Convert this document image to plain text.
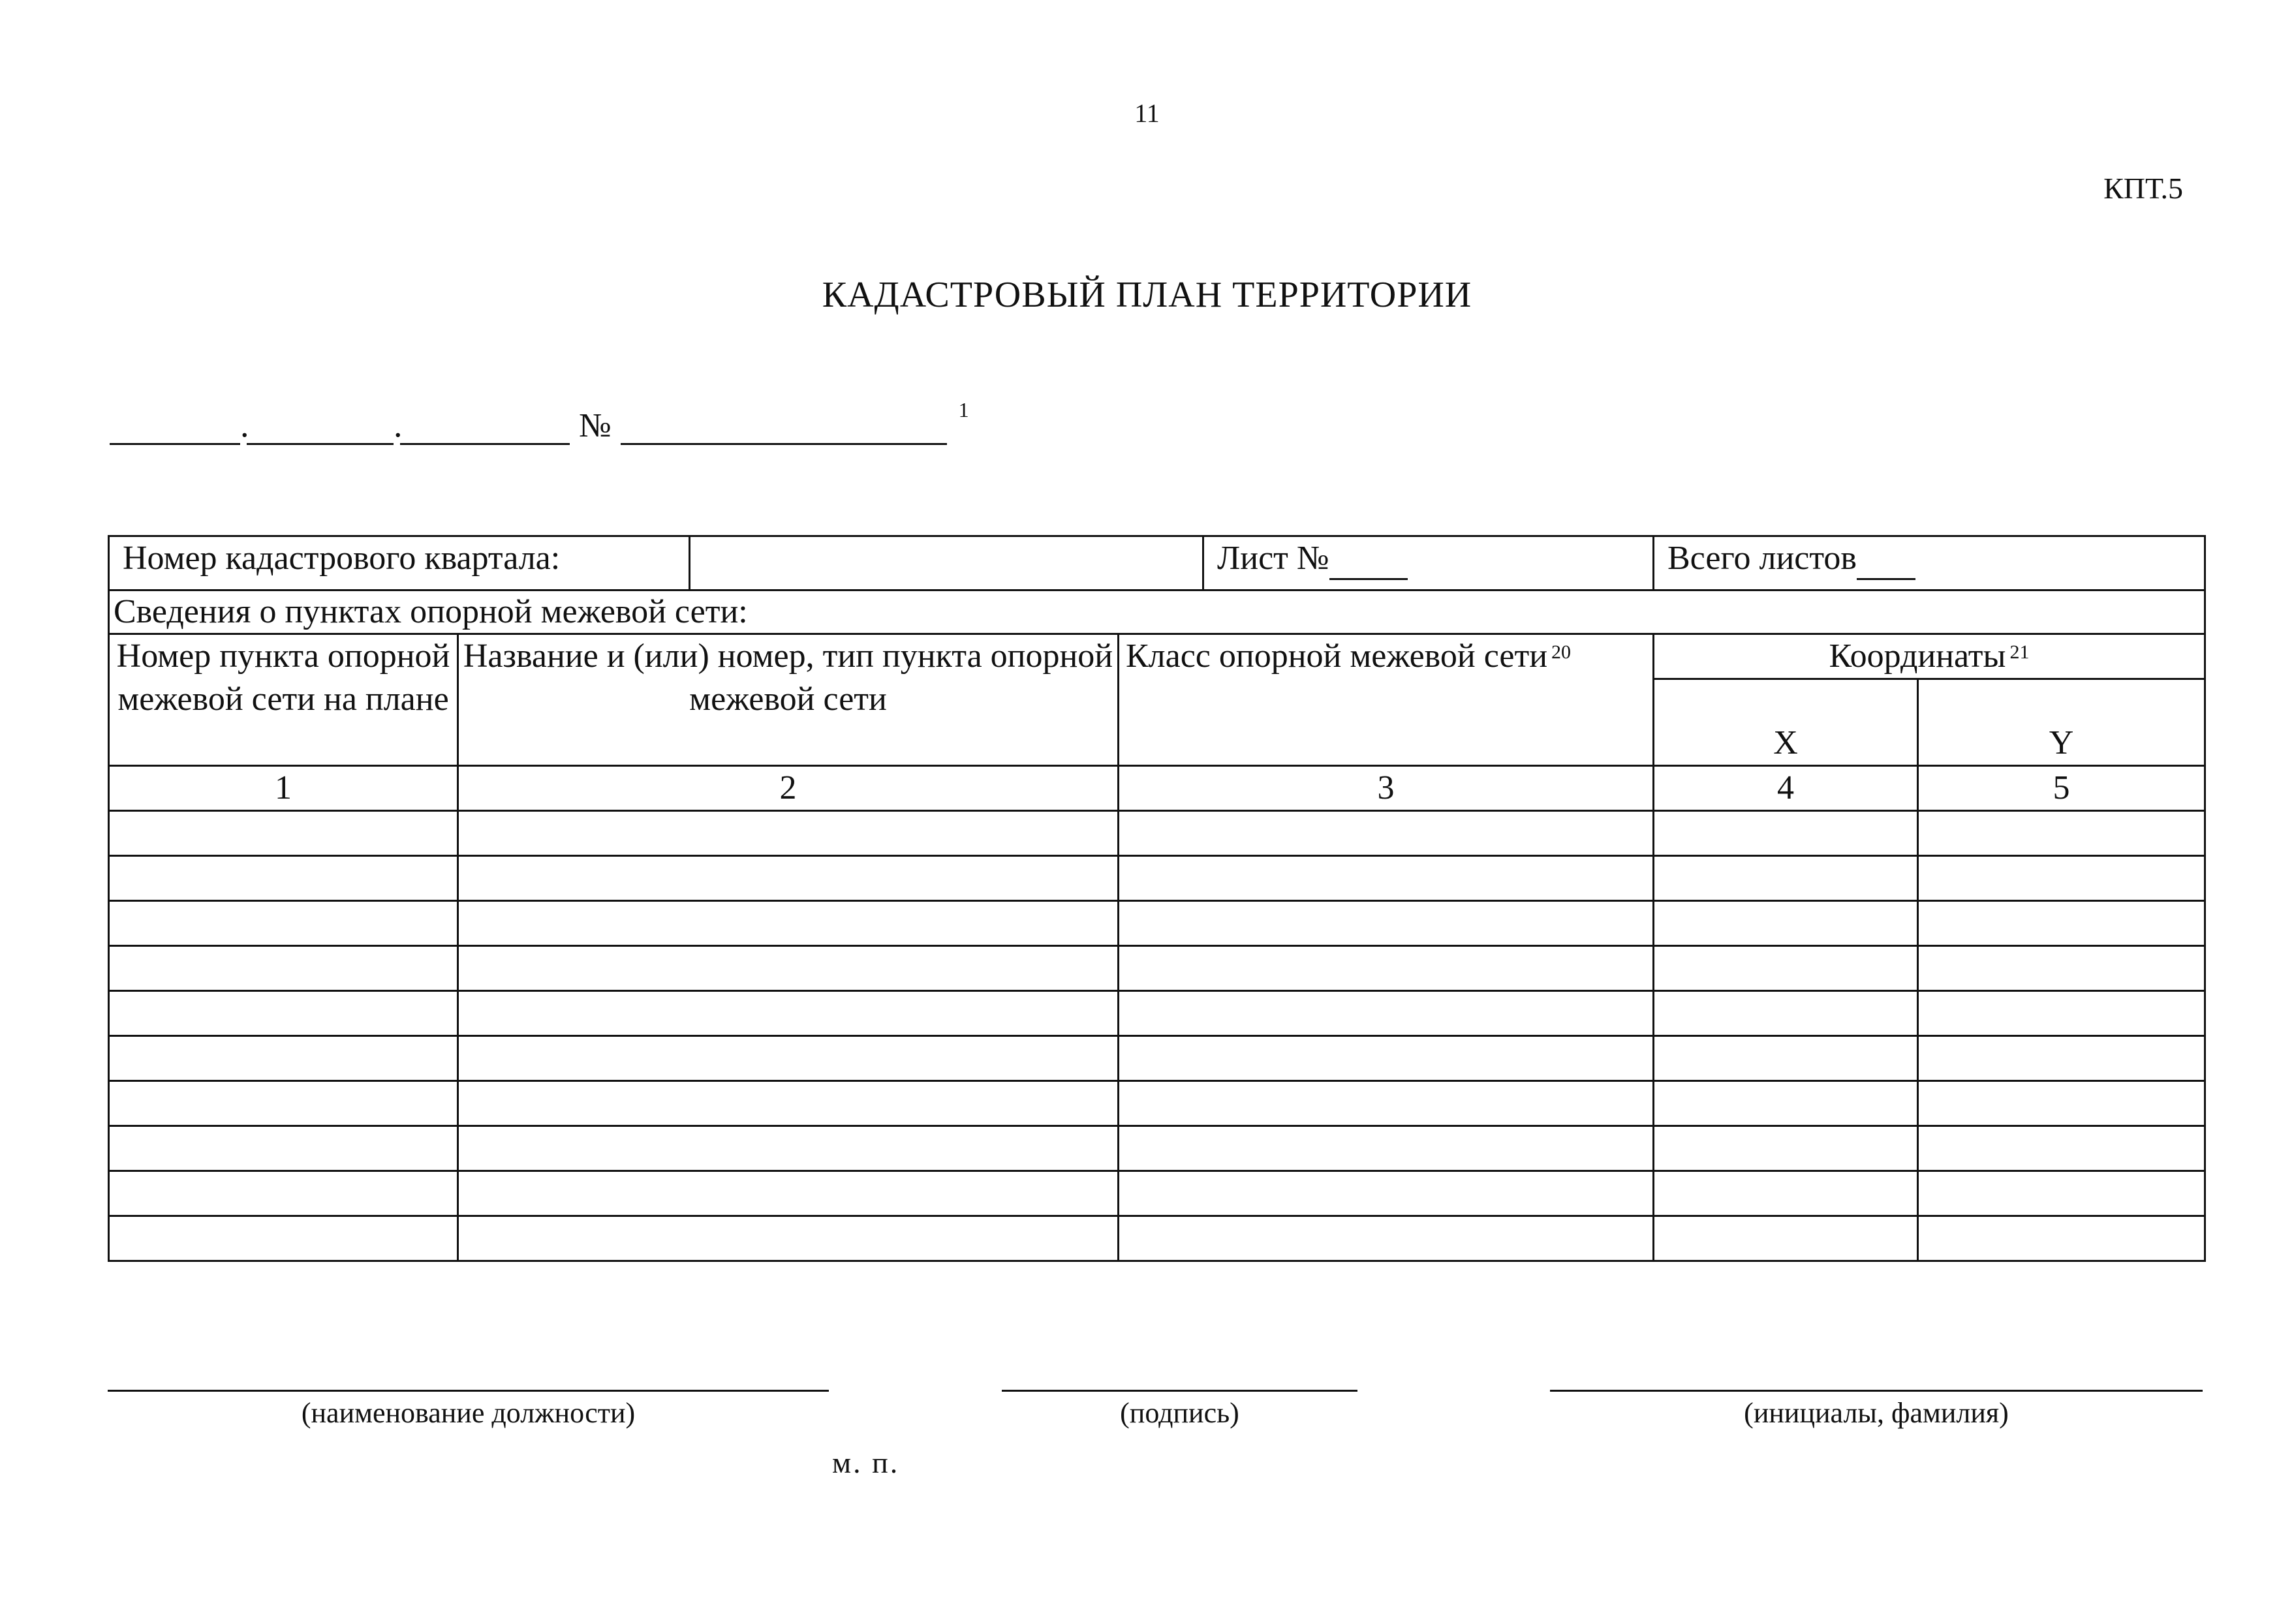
11
КПТ.5
КАДАСТРОВЫЙ ПЛАН ТЕРРИТОРИИ
.	.	№	$^1$
Номер кадастрового квартала:				Лист №	Всего листов	
Сведения о пунктах опорной межевой сети:						
Номер пункта опорной межевой сети на плане	Название и (или) номер, тип пункта опорной межевой сети		Класс опорной межевой сети $^{20}$		Координаты $^{21}$
					X	Y
1	2		3		4	5

(наименование должности)	(подпись)	(инициалы, фамилия)
м. п.
